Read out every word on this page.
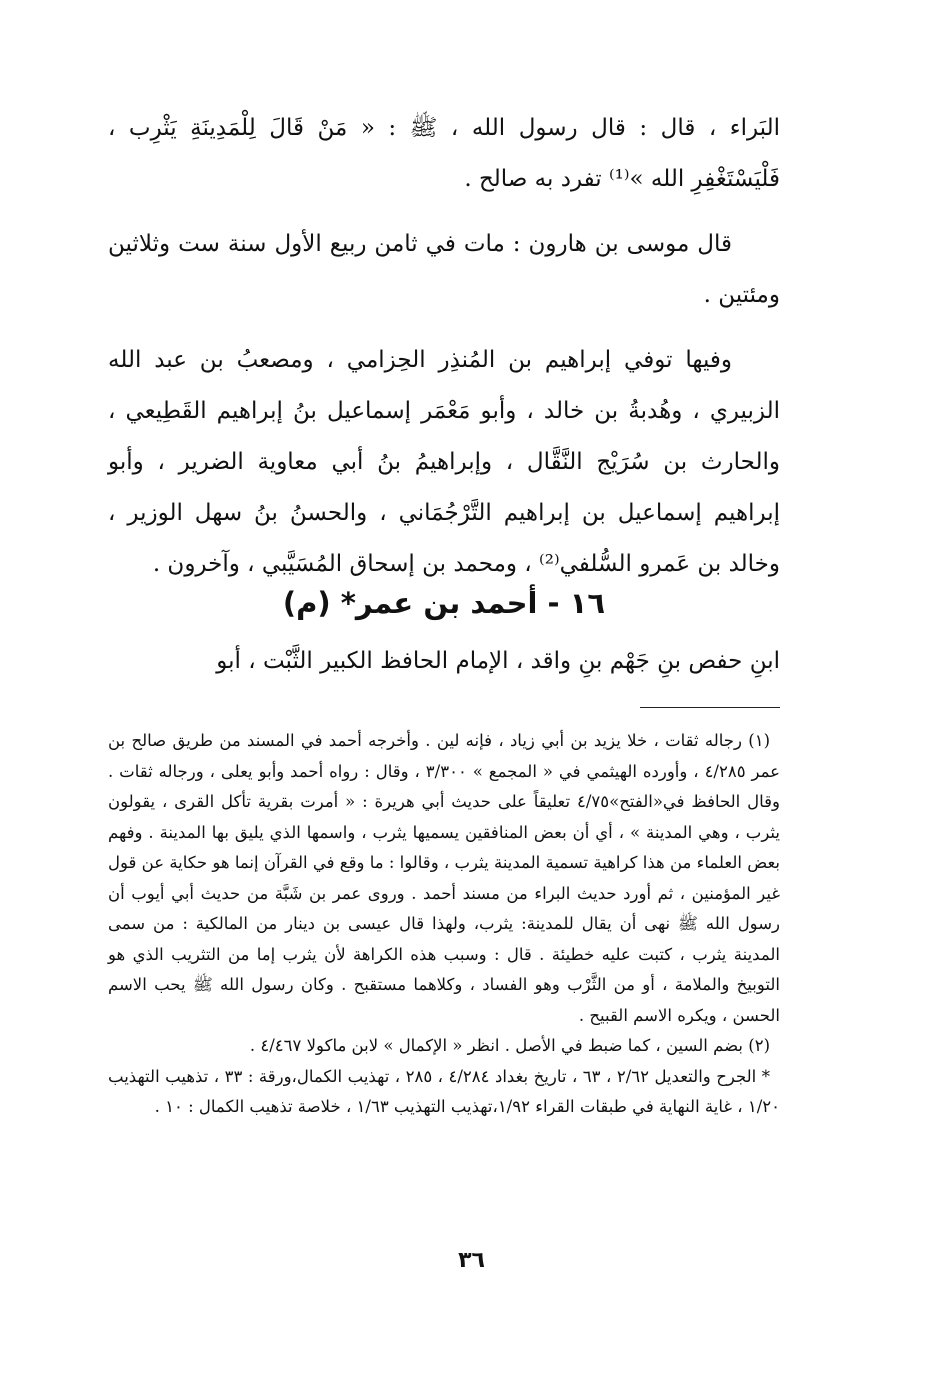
البَراء ، قال : قال رسول الله ، ﷺ : « مَنْ قَالَ لِلْمَدِينَةِ يَثْرِب ، فَلْيَسْتَغْفِرِ الله »⁽¹⁾ تفرد به صالح .

قال موسى بن هارون : مات في ثامن ربيع الأول سنة ست وثلاثين ومئتين .

وفيها توفي إبراهيم بن المُنذِر الحِزامي ، ومصعبُ بن عبد الله الزبيري ، وهُدبةُ بن خالد ، وأبو مَعْمَر إسماعيل بنُ إبراهيم القَطِيعي ، والحارث بن سُرَيْج النَّقَّال ، وإبراهيمُ بنُ أبي معاوية الضرير ، وأبو إبراهيم إسماعيل بن إبراهيم التَّرْجُمَاني ، والحسنُ بنُ سهل الوزير ، وخالد بن عَمرو السُّلفي⁽²⁾ ، ومحمد بن إسحاق المُسَيَّبي ، وآخرون .

١٦ - أحمد بن عمر* (م)

ابنِ حفص بنِ جَهْم بنِ واقد ، الإمام الحافظ الكبير الثَّبْت ، أبو

(١) رجاله ثقات ، خلا يزيد بن أبي زياد ، فإنه لين . وأخرجه أحمد في المسند من طريق صالح بن عمر ٤/٢٨٥ ، وأورده الهيثمي في « المجمع » ٣/٣٠٠ ، وقال : رواه أحمد وأبو يعلى ، ورجاله ثقات . وقال الحافظ في«الفتح»٤/٧٥ تعليقاً على حديث أبي هريرة : « أمرت بقرية تأكل القرى ، يقولون يثرب ، وهي المدينة » ، أي أن بعض المنافقين يسميها يثرب ، واسمها الذي يليق بها المدينة . وفهم بعض العلماء من هذا كراهية تسمية المدينة يثرب ، وقالوا : ما وقع في القرآن إنما هو حكاية عن قول غير المؤمنين ، ثم أورد حديث البراء من مسند أحمد . وروى عمر بن شَبَّة من حديث أبي أيوب أن رسول الله ﷺ نهى أن يقال للمدينة: يثرب، ولهذا قال عيسى بن دينار من المالكية : من سمى المدينة يثرب ، كتبت عليه خطيئة . قال : وسبب هذه الكراهة لأن يثرب إما من التثريب الذي هو التوبيخ والملامة ، أو من الثَّرْب وهو الفساد ، وكلاهما مستقبح . وكان رسول الله ﷺ يحب الاسم الحسن ، ويكره الاسم القبيح .

(٢) بضم السين ، كما ضبط في الأصل . انظر « الإكمال » لابن ماكولا ٤/٤٦٧ .

* الجرح والتعديل ٢/٦٢ ، ٦٣ ، تاريخ بغداد ٤/٢٨٤ ، ٢٨٥ ، تهذيب الكمال،ورقة : ٣٣ ، تذهيب التهذيب ١/٢٠ ، غاية النهاية في طبقات القراء ١/٩٢،تهذيب التهذيب ١/٦٣ ، خلاصة تذهيب الكمال : ١٠ .

٣٦
